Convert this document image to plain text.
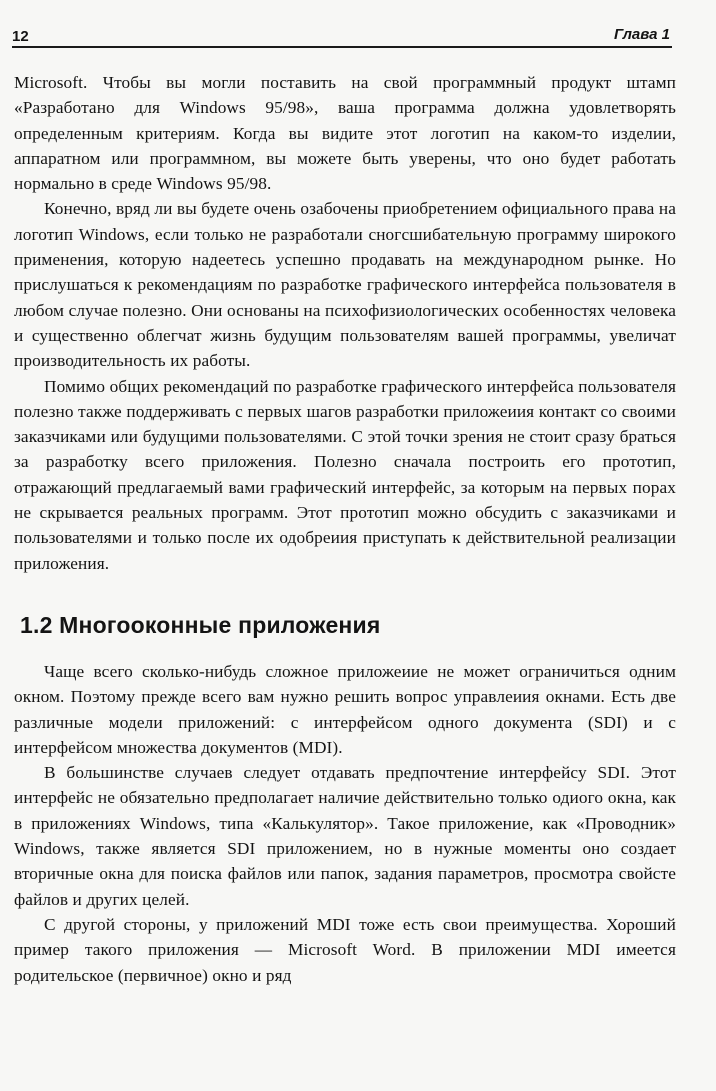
12	Глава 1

Microsoft. Чтобы вы могли поставить на свой программный продукт штамп «Разработано для Windows 95/98», ваша программа должна удовлетворять определенным критериям. Когда вы видите этот логотип на каком-то изделии, аппаратном или программном, вы можете быть уверены, что оно будет работать нормально в среде Windows 95/98.

Конечно, вряд ли вы будете очень озабочены приобретением официального права на логотип Windows, если только не разработали сногсшибательную программу широкого применения, которую надеетесь успешно продавать на международном рынке. Но прислушаться к рекомендациям по разработке графического интерфейса пользователя в любом случае полезно. Они основаны на психофизиологических особенностях человека и существенно облегчат жизнь будущим пользователям вашей программы, увеличат производительность их работы.

Помимо общих рекомендаций по разработке графического интерфейса пользователя полезно также поддерживать с первых шагов разработки приложеиия контакт со своими заказчиками или будущими пользователями. С этой точки зрения не стоит сразу браться за разработку всего приложения. Полезно сначала построить его прототип, отражающий предлагаемый вами графический интерфейс, за которым на первых порах не скрывается реальных программ. Этот прототип можно обсудить с заказчиками и пользователями и только после их одобреиия приступать к действительной реализации приложения.

1.2 Многооконные приложения

Чаще всего сколько-нибудь сложное приложеиие не может ограничиться одним окном. Поэтому прежде всего вам нужно решить вопрос управлеиия окнами. Есть две различные модели приложений: с интерфейсом одного документа (SDI) и с интерфейсом множества документов (MDI).

В большинстве случаев следует отдавать предпочтение интерфейсу SDI. Этот интерфейс не обязательно предполагает наличие действительно только одиого окна, как в приложениях Windows, типа «Калькулятор». Такое приложение, как «Проводник» Windows, также является SDI приложением, но в нужные моменты оно создает вторичные окна для поиска файлов или папок, задания параметров, просмотра свойсте файлов и других целей.

С другой стороны, у приложений MDI тоже есть свои преимущества. Хороший пример такого приложения — Microsoft Word. В приложении MDI имеется родительское (первичное) окно и ряд
